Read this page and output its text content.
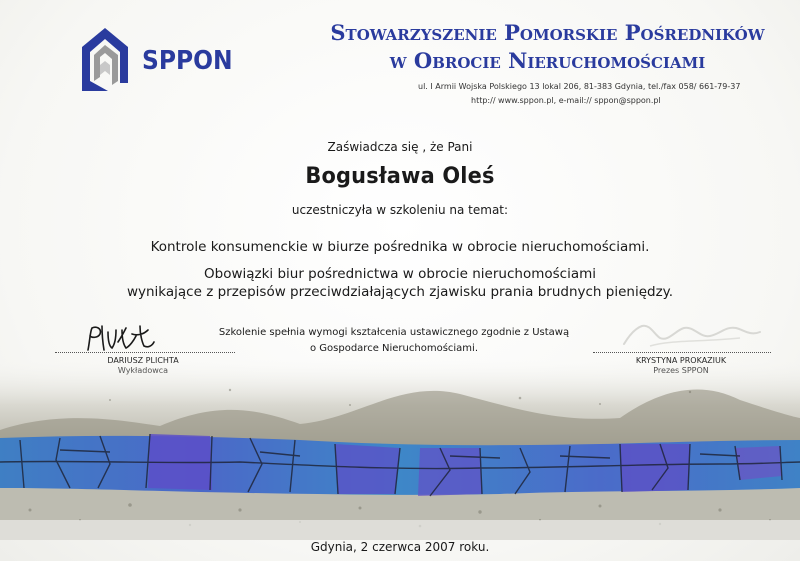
SPPON
Stowarzyszenie Pomorskie Pośredników
w Obrocie Nieruchomościami
ul. I Armii Wojska Polskiego 13 lokal 206, 81-383 Gdynia, tel./fax 058/ 661-79-37
http:// www.sppon.pl, e-mail:// sppon@sppon.pl
Zaświadcza się , że Pani
Bogusława Oleś
uczestniczyła w szkoleniu na temat:
Kontrole konsumenckie w biurze pośrednika w obrocie nieruchomościami.
Obowiązki biur pośrednictwa w obrocie nieruchomościami
wynikające z przepisów przeciwdziałających zjawisku prania brudnych pieniędzy.
Szkolenie spełnia wymogi kształcenia ustawicznego zgodnie z Ustawą
o Gospodarce Nieruchomościami.
Gdynia, 2 czerwca 2007 roku.
